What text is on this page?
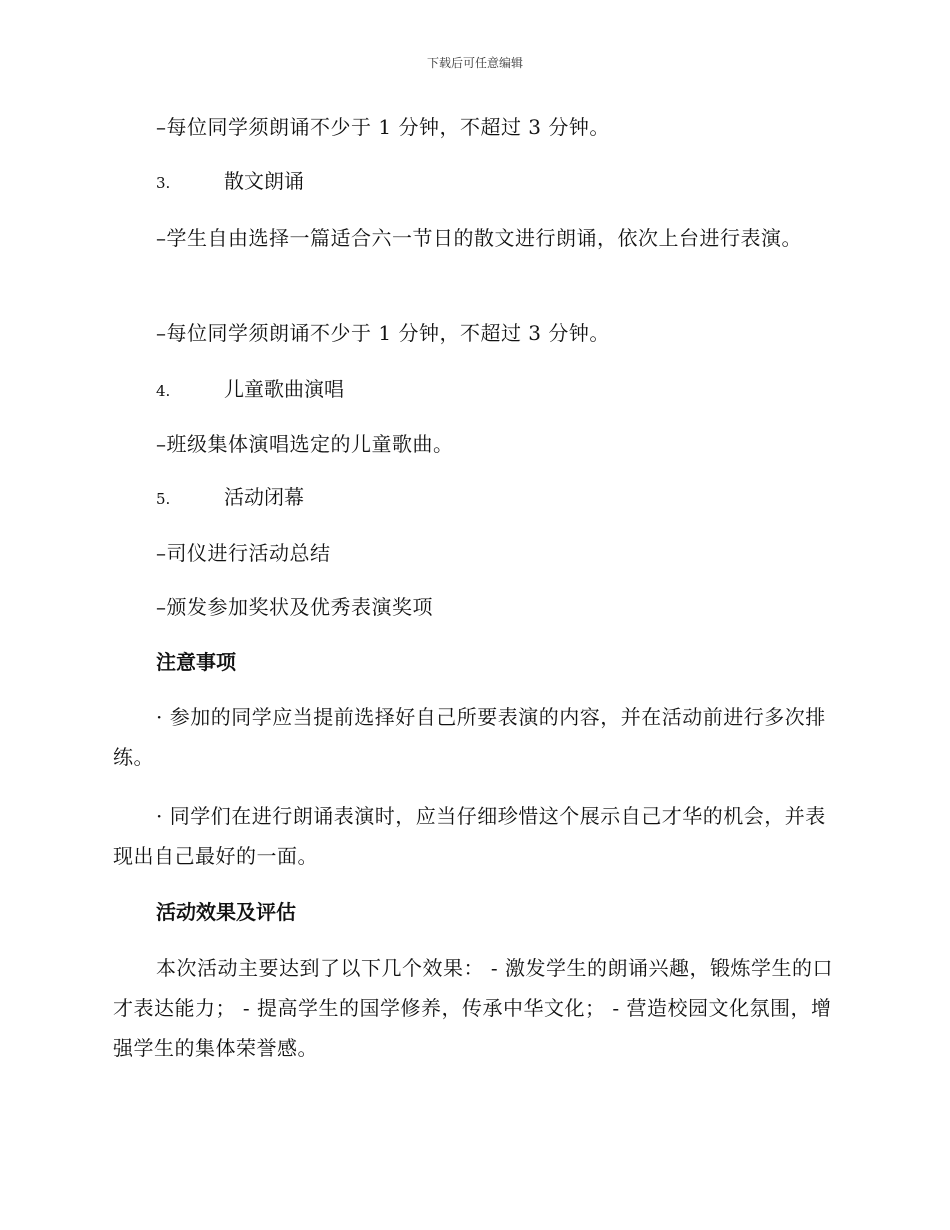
下载后可任意编辑
–每位同学须朗诵不少于 1 分钟，不超过 3 分钟。
3.	散文朗诵
–学生自由选择一篇适合六一节日的散文进行朗诵，依次上台进行表演。
–每位同学须朗诵不少于 1 分钟，不超过 3 分钟。
4.	儿童歌曲演唱
–班级集体演唱选定的儿童歌曲。
5.	活动闭幕
–司仪进行活动总结
–颁发参加奖状及优秀表演奖项
注意事项
· 参加的同学应当提前选择好自己所要表演的内容，并在活动前进行多次排练。
· 同学们在进行朗诵表演时，应当仔细珍惜这个展示自己才华的机会，并表现出自己最好的一面。
活动效果及评估
本次活动主要达到了以下几个效果： - 激发学生的朗诵兴趣，锻炼学生的口才表达能力； - 提高学生的国学修养，传承中华文化； - 营造校园文化氛围，增强学生的集体荣誉感。
